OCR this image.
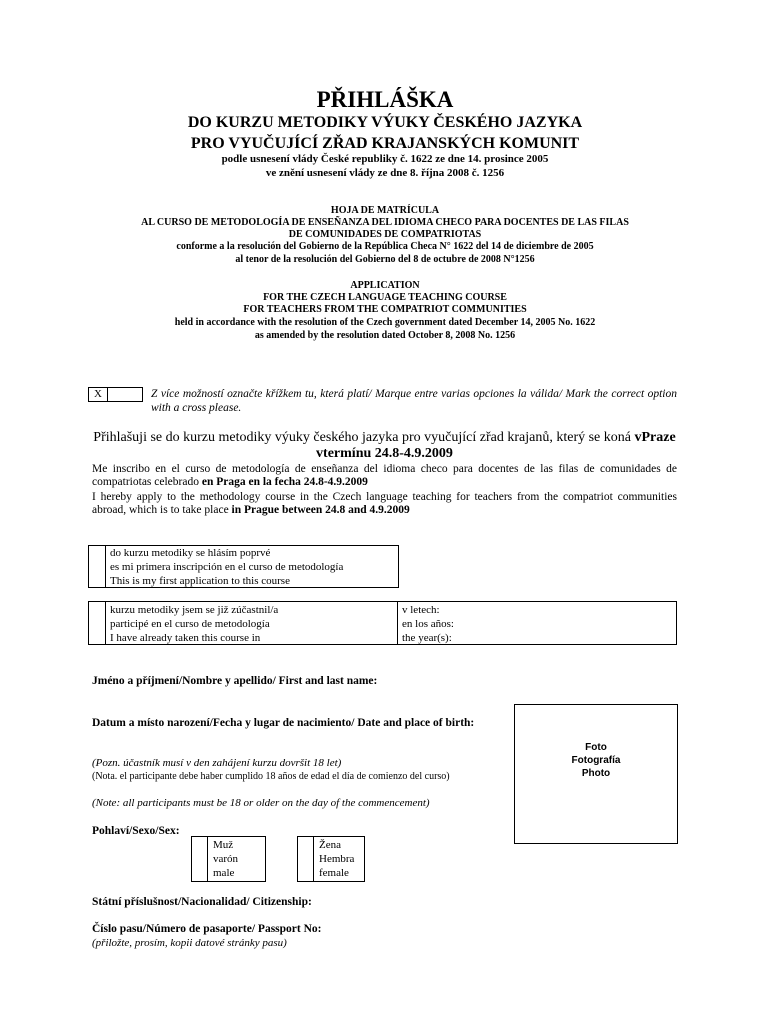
PŘIHLÁŠKA
DO KURZU METODIKY VÝUKY ČESKÉHO JAZYKA
PRO VYUČUJÍCÍ ZŘAD KRAJANSKÝCH KOMUNIT
podle usnesení vlády České republiky č. 1622 ze dne 14. prosince 2005
ve znění usnesení vlády ze dne 8. října 2008 č. 1256
HOJA DE MATRÍCULA
AL CURSO DE METODOLOGÍA DE ENSEÑANZA DEL IDIOMA CHECO PARA DOCENTES DE LAS FILAS
DE COMUNIDADES DE COMPATRIOTAS
conforme a la resolución del Gobierno de la República Checa N° 1622 del 14 de diciembre de 2005
al tenor de la resolución del Gobierno del 8 de octubre de 2008 N°1256
APPLICATION
FOR THE CZECH LANGUAGE TEACHING COURSE
FOR TEACHERS FROM THE COMPATRIOT COMMUNITIES
held in accordance with the resolution of the Czech government dated December 14, 2005 No. 1622
as amended by the resolution dated October 8, 2008 No. 1256
X	Z více možností označte křížkem tu, která platí/ Marque entre varias opciones la válida/ Mark the correct option with a cross please.
Přihlašuji se do kurzu metodiky výuky českého jazyka pro vyučující zřad krajanů, který se koná vPraze vtermínu 24.8-4.9.2009
Me inscribo en el curso de metodología de enseñanza del idioma checo para docentes de las filas de comunidades de compatriotas celebrado en Praga en la fecha 24.8-4.9.2009
I hereby apply to the methodology course in the Czech language teaching for teachers from the compatriot communities abroad, which is to take place in Prague between 24.8 and 4.9.2009
do kurzu metodiky se hlásím poprvé
es mi primera inscripción en el curso de metodología
This is my first application to this course
kurzu metodiky jsem se již zúčastnil/a
participé en el curso de metodología
I have already taken this course in
v letech:
en los años:
the year(s):
Jméno a příjmení/Nombre y apellido/ First and last name:
Datum a místo narození/Fecha y lugar de nacimiento/ Date and place of birth:
(Pozn. účastník musí v den zahájení kurzu dovršit 18 let)
(Nota. el participante debe haber cumplido 18 años de edad el día de comienzo del curso)
(Note: all participants must be 18 or older on the day of the commencement)
Foto
Fotografía
Photo
Pohlaví/Sexo/Sex:
Muž
varón
male
Žena
Hembra
female
Státní příslušnost/Nacionalidad/ Citizenship:
Číslo pasu/Número de pasaporte/ Passport No:
(přiložte, prosím, kopii datové stránky pasu)
